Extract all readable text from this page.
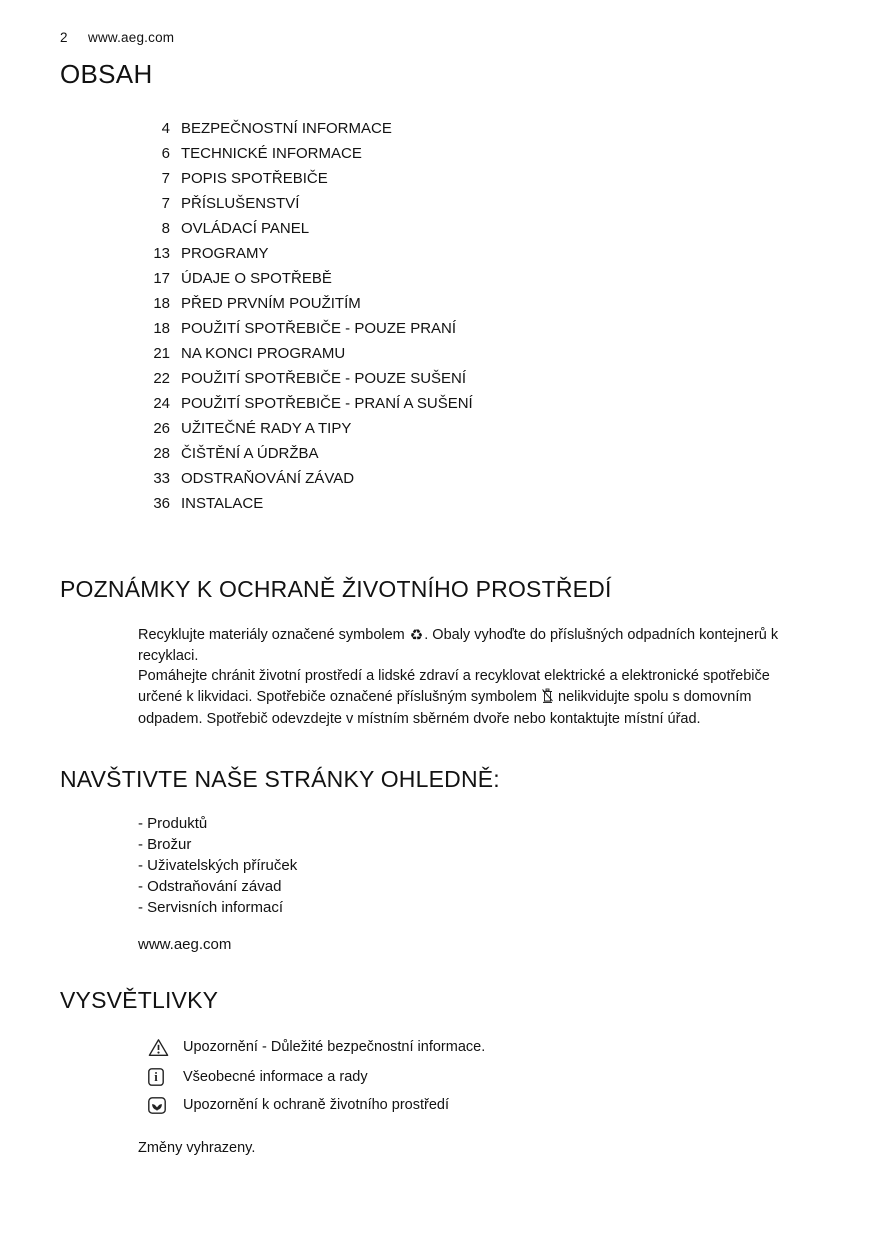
2	www.aeg.com
OBSAH
4 BEZPEČNOSTNÍ INFORMACE
6 TECHNICKÉ INFORMACE
7 POPIS SPOTŘEBIČE
7 PŘÍSLUŠENSTVÍ
8 OVLÁDACÍ PANEL
13 PROGRAMY
17 ÚDAJE O SPOTŘEBĚ
18 PŘED PRVNÍM POUŽITÍM
18 POUŽITÍ SPOTŘEBIČE - POUZE PRANÍ
21 NA KONCI PROGRAMU
22 POUŽITÍ SPOTŘEBIČE - POUZE SUŠENÍ
24 POUŽITÍ SPOTŘEBIČE - PRANÍ A SUŠENÍ
26 UŽITEČNÉ RADY A TIPY
28 ČIŠTĚNÍ A ÚDRŽBA
33 ODSTRAŇOVÁNÍ ZÁVAD
36 INSTALACE
POZNÁMKY K OCHRANĚ ŽIVOTNÍHO PROSTŘEDÍ

Recyklujte materiály označené symbolem ♻. Obaly vyhoďte do příslušných odpadních kontejnerů k recyklaci.

Pomáhejte chránit životní prostředí a lidské zdraví a recyklovat elektrické a elektronické spotřebiče určené k likvidaci. Spotřebiče označené příslušným symbolem nelikvidujte spolu s domovním odpadem. Spotřebič odevzdejte v místním sběrném dvoře nebo kontaktujte místní úřad.

NAVŠTIVTE NAŠE STRÁNKY OHLEDNĚ:
- Produktů
- Brožur
- Uživatelských příruček
- Odstraňování závad
- Servisních informací
www.aeg.com
VYSVĚTLIVKY
Upozornění - Důležité bezpečnostní informace.
i	Všeobecné informace a rady
Upozornění k ochraně životního prostředí
Změny vyhrazeny.
